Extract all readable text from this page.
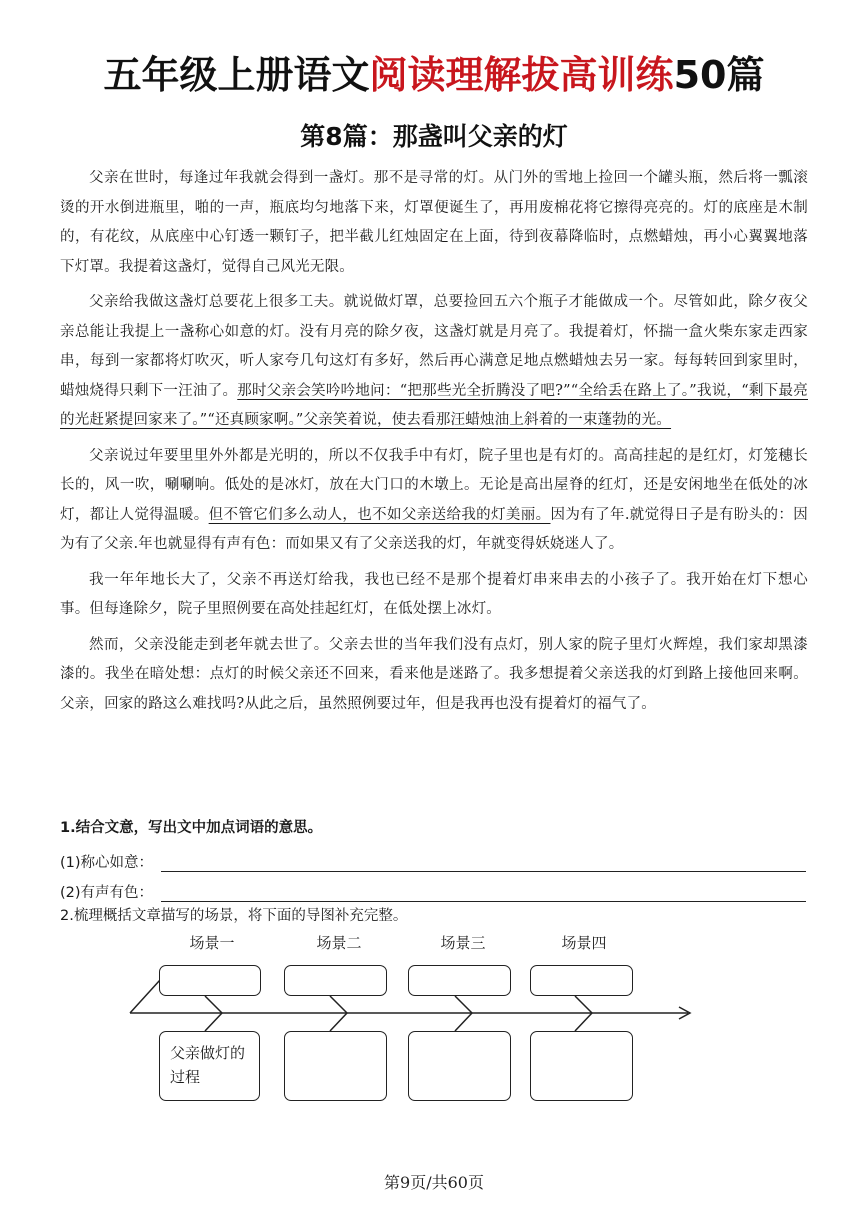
五年级上册语文阅读理解拔高训练50篇
第8篇：那盏叫父亲的灯

父亲在世时，每逢过年我就会得到一盏灯。那不是寻常的灯。从门外的雪地上捡回一个罐头瓶，然后将一瓢滚烫的开水倒进瓶里，啪的一声，瓶底均匀地落下来，灯罩便诞生了，再用废棉花将它擦得亮亮的。灯的底座是木制的，有花纹，从底座中心钉透一颗钉子，把半截儿红烛固定在上面，待到夜幕降临时，点燃蜡烛，再小心翼翼地落下灯罩。我提着这盏灯，觉得自己风光无限。

父亲给我做这盏灯总要花上很多工夫。就说做灯罩，总要捡回五六个瓶子才能做成一个。尽管如此，除夕夜父亲总能让我提上一盏称心如意的灯。没有月亮的除夕夜，这盏灯就是月亮了。我提着灯，怀揣一盒火柴东家走西家串，每到一家都将灯吹灭，听人家夸几句这灯有多好，然后再心满意足地点燃蜡烛去另一家。每每转回到家里时，蜡烛烧得只剩下一汪油了。那时父亲会笑吟吟地问：“把那些光全折腾没了吧?”“全给丢在路上了。”我说，“剩下最亮的光赶紧提回家来了。”“还真顾家啊。”父亲笑着说，使去看那汪蜡烛油上斜着的一束蓬勃的光。

父亲说过年要里里外外都是光明的，所以不仅我手中有灯，院子里也是有灯的。高高挂起的是红灯，灯笼穗长长的，风一吹，唰唰响。低处的是冰灯，放在大门口的木墩上。无论是高出屋脊的红灯，还是安闲地坐在低处的冰灯，都让人觉得温暖。但不管它们多么动人，也不如父亲送给我的灯美丽。因为有了年.就觉得日子是有盼头的：因为有了父亲.年也就显得有声有色：而如果又有了父亲送我的灯，年就变得妖娆迷人了。

我一年年地长大了，父亲不再送灯给我，我也已经不是那个提着灯串来串去的小孩子了。我开始在灯下想心事。但每逢除夕，院子里照例要在高处挂起红灯，在低处摆上冰灯。

然而，父亲没能走到老年就去世了。父亲去世的当年我们没有点灯，别人家的院子里灯火辉煌，我们家却黑漆漆的。我坐在暗处想：点灯的时候父亲还不回来，看来他是迷路了。我多想提着父亲送我的灯到路上接他回来啊。父亲，回家的路这么难找吗?从此之后，虽然照例要过年，但是我再也没有提着灯的福气了。

1.结合文意，写出文中加点词语的意思。
(1)称心如意：
(2)有声有色：
2.梳理概括文章描写的场景，将下面的导图补充完整。
场景一	场景二	场景三	场景四
父亲做灯的过程
第9页/共60页
